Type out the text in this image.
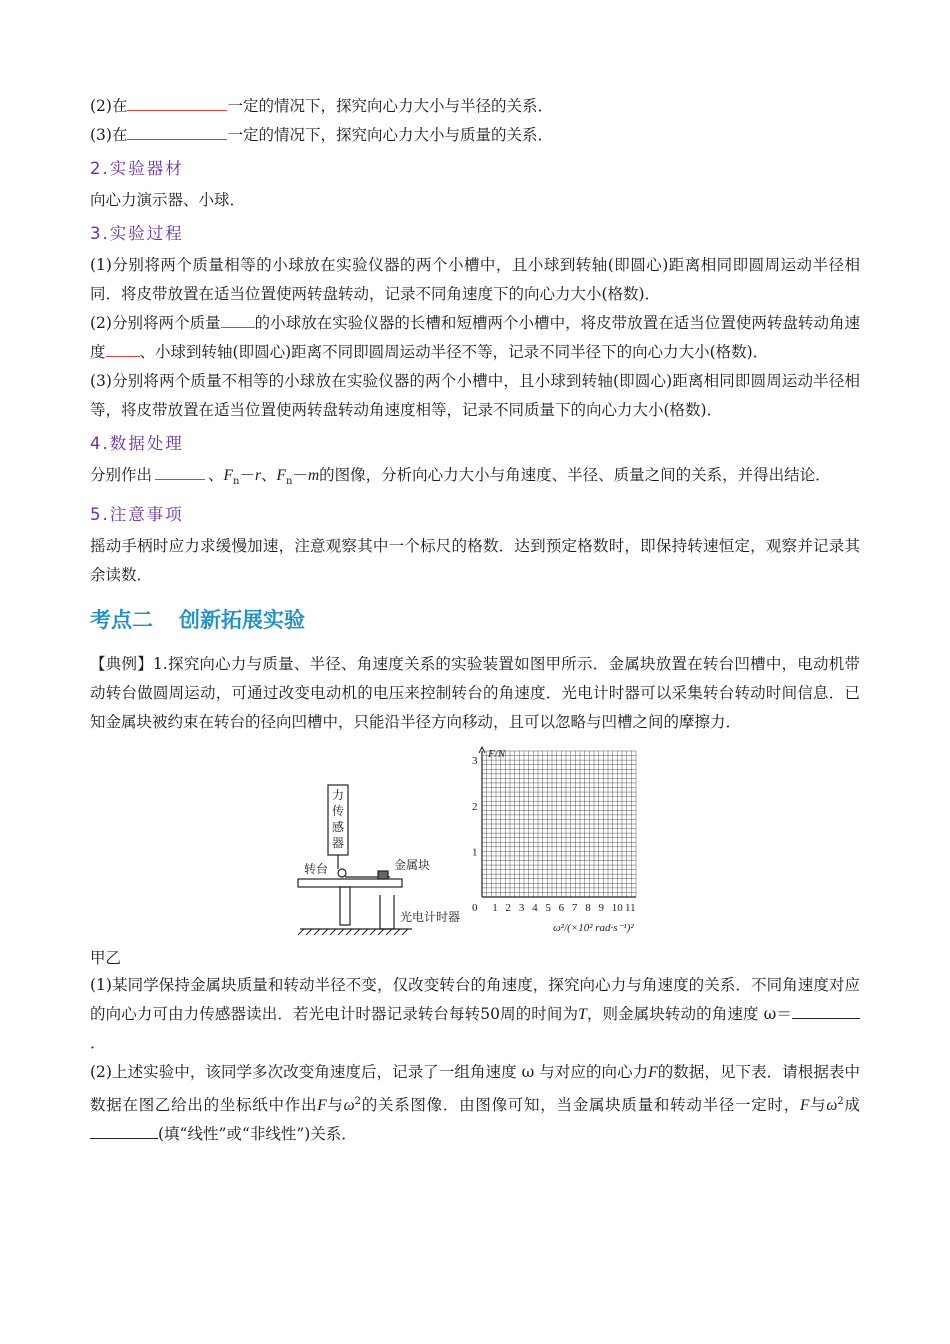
(2)在	一定的情况下，探究向心力大小与半径的关系．

(3)在	一定的情况下，探究向心力大小与质量的关系．

2.实验器材

向心力演示器、小球．

3.实验过程

(1)分别将两个质量相等的小球放在实验仪器的两个小槽中，且小球到转轴(即圆心)距离相同即圆周运动半径相同．将皮带放置在适当位置使两转盘转动，记录不同角速度下的向心力大小(格数)．

(2)分别将两个质量 的小球放在实验仪器的长槽和短槽两个小槽中，将皮带放置在适当位置使两转盘转动角速度 、小球到转轴(即圆心)距离不同即圆周运动半径不等，记录不同半径下的向心力大小(格数)．

(3)分别将两个质量不相等的小球放在实验仪器的两个小槽中，且小球到转轴(即圆心)距离相同即圆周运动半径相等，将皮带放置在适当位置使两转盘转动角速度相等，记录不同质量下的向心力大小(格数)．

4.数据处理

分别作出	、$F_n-r$、$F_n-m$的图像，分析向心力大小与角速度、半径、质量之间的关系，并得出结论．

5.注意事项

摇动手柄时应力求缓慢加速，注意观察其中一个标尺的格数．达到预定格数时，即保持转速恒定，观察并记录其余读数．

考点二 创新拓展实验

【典例】1.探究向心力与质量、半径、角速度关系的实验装置如图甲所示．金属块放置在转台凹槽中，电动机带动转台做圆周运动，可通过改变电动机的电压来控制转台的角速度．光电计时器可以采集转台转动时间信息．已知金属块被约束在转台的径向凹槽中，只能沿半径方向移动，且可以忽略与凹槽之间的摩擦力．

力
传
感
器
转台	金属块
光电计时器
F/N
ω²/(×10² rad·s⁻¹)²
1
2
3
0 1 2 3 4 5 6 7 8 9 10 11
甲乙

(1)某同学保持金属块质量和转动半径不变，仅改变转台的角速度，探究向心力与角速度的关系．不同角速度对应的向心力可由力传感器读出．若光电计时器记录转台每转50周的时间为T，则金属块转动的角速度 ω＝．

(2)上述实验中，该同学多次改变角速度后，记录了一组角速度 ω 与对应的向心力F的数据，见下表．请根据表中数据在图乙给出的坐标纸中作出F与$\omega^2$的关系图像．由图像可知，当金属块质量和转动半径一定时，F与$\omega^2$成(填“线性”或“非线性”)关系．
